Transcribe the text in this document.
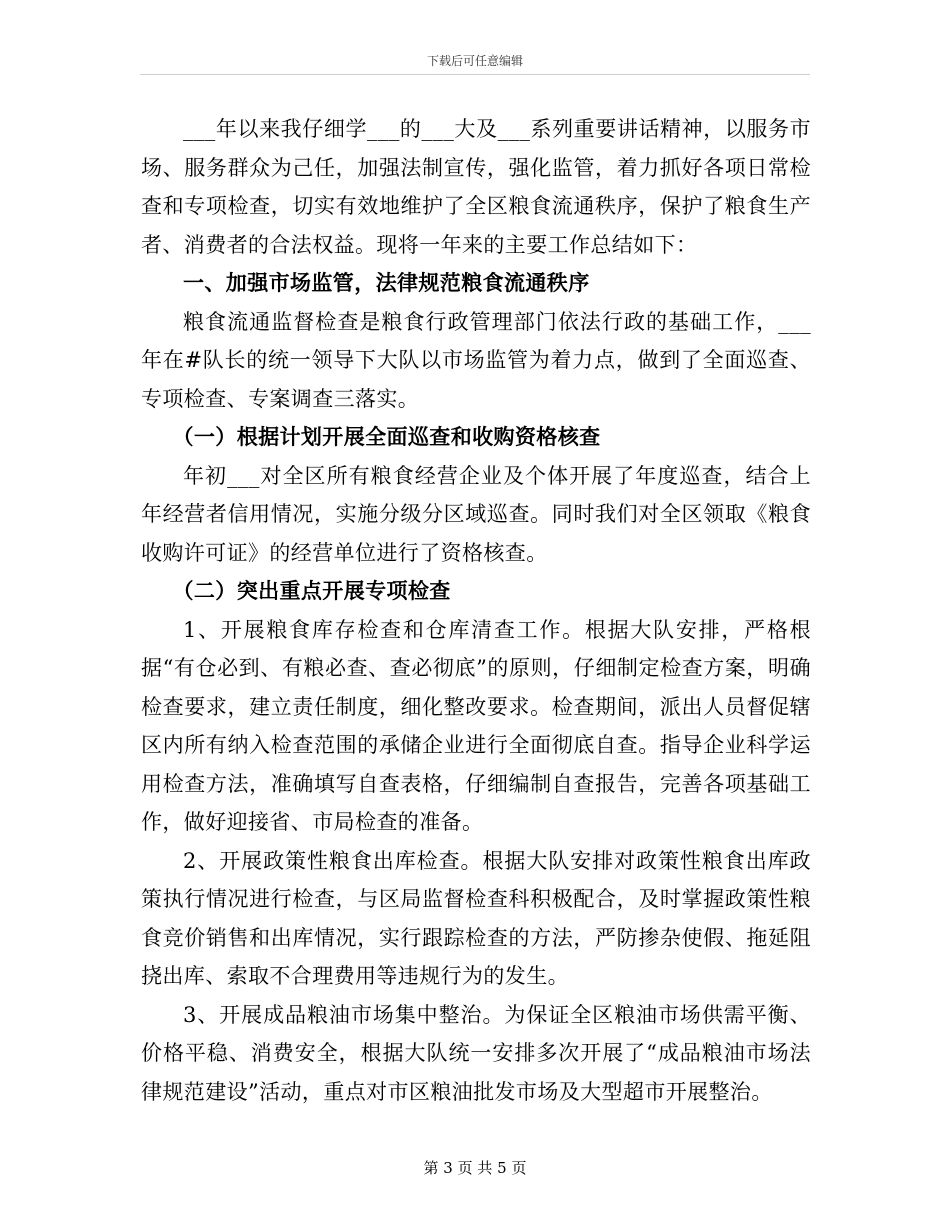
下载后可任意编辑

___年以来我仔细学___的___大及___系列重要讲话精神，以服务市场、服务群众为己任，加强法制宣传，强化监管，着力抓好各项日常检查和专项检查，切实有效地维护了全区粮食流通秩序，保护了粮食生产者、消费者的合法权益。现将一年来的主要工作总结如下：

一、加强市场监管，法律规范粮食流通秩序

粮食流通监督检查是粮食行政管理部门依法行政的基础工作，___年在#队长的统一领导下大队以市场监管为着力点，做到了全面巡查、专项检查、专案调查三落实。

（一）根据计划开展全面巡查和收购资格核查

年初___对全区所有粮食经营企业及个体开展了年度巡查，结合上年经营者信用情况，实施分级分区域巡查。同时我们对全区领取《粮食收购许可证》的经营单位进行了资格核查。

（二）突出重点开展专项检查

1、开展粮食库存检查和仓库清查工作。根据大队安排，严格根据“有仓必到、有粮必查、查必彻底”的原则，仔细制定检查方案，明确检查要求，建立责任制度，细化整改要求。检查期间，派出人员督促辖区内所有纳入检查范围的承储企业进行全面彻底自查。指导企业科学运用检查方法，准确填写自查表格，仔细编制自查报告，完善各项基础工作，做好迎接省、市局检查的准备。

2、开展政策性粮食出库检查。根据大队安排对政策性粮食出库政策执行情况进行检查，与区局监督检查科积极配合，及时掌握政策性粮食竞价销售和出库情况，实行跟踪检查的方法，严防掺杂使假、拖延阻挠出库、索取不合理费用等违规行为的发生。

3、开展成品粮油市场集中整治。为保证全区粮油市场供需平衡、价格平稳、消费安全，根据大队统一安排多次开展了“成品粮油市场法律规范建设”活动，重点对市区粮油批发市场及大型超市开展整治。

第 3 页 共 5 页
